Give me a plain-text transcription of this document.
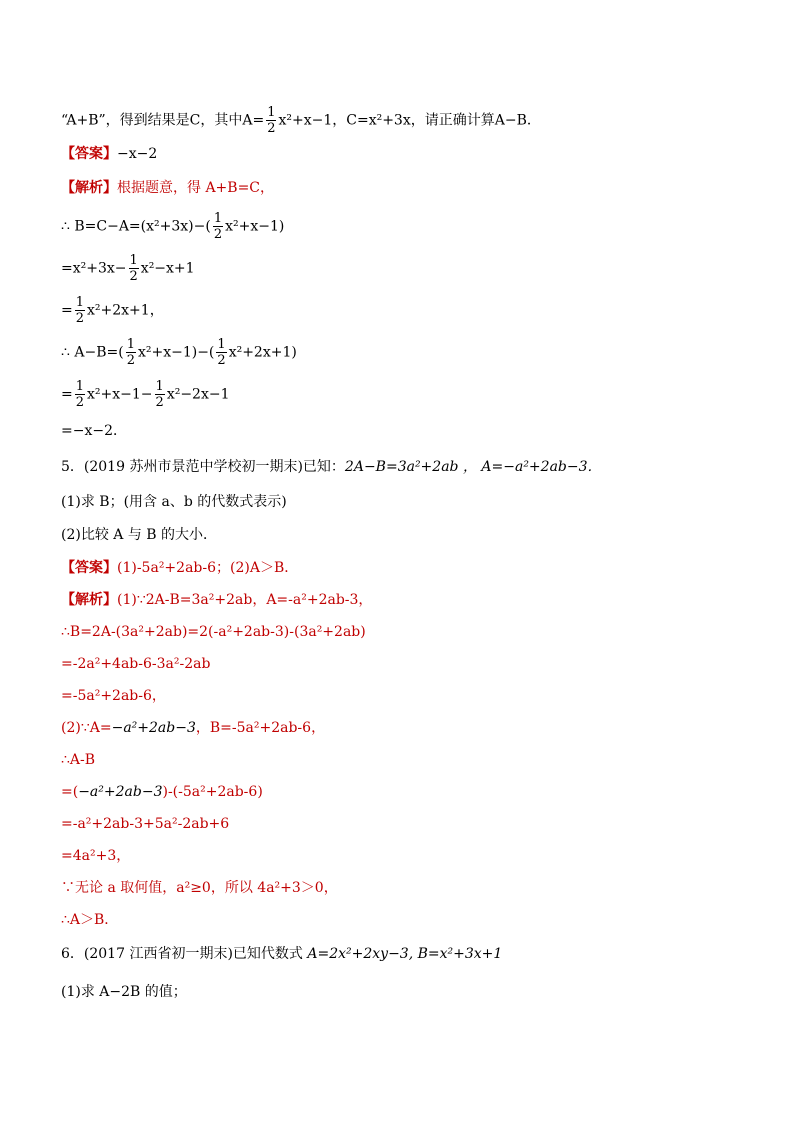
“A+B”，得到结果是C，其中$A= \frac{1}{2} x^2+x-1$，C=x²+3x，请正确计算A−B．
【答案】−x−2
【解析】根据题意，得 A+B=C，
∴ $B=C-A=(x^2+3x)-( \frac{1}{2} x^2+x-1)$
$=x^2+3x- \frac{1}{2} x^2-x+1$
= $\frac{1}{2} x^2+2x+1$，
∴ $A-B=( \frac{1}{2} x^2+x-1)-( \frac{1}{2} x^2+2x+1)$
= $\frac{1}{2} x^2+x-1- \frac{1}{2} x^2-2x-1$
=−x−2．
5．(2019 苏州市景范中学校初一期末)已知：2A−B=3a²+2ab ， A=−a²+2ab−3．
(1)求 B；(用含 a、b 的代数式表示)
(2)比较 A 与 B 的大小．
【答案】(1)-5a²+2ab-6；(2)A＞B．
【解析】(1)∵2A-B=3a²+2ab，A=-a²+2ab-3，
∴B=2A-(3a²+2ab)=2(-a²+2ab-3)-(3a²+2ab)
=-2a²+4ab-6-3a²-2ab
=-5a²+2ab-6，
(2)∵A=−a²+2ab−3，B=-5a²+2ab-6，
∴A-B
=(−a²+2ab−3)-(-5a²+2ab-6)
=-a²+2ab-3+5a²-2ab+6
=4a²+3，
∵无论 a 取何值，a²≥0，所以 4a²+3＞0，
∴A＞B．
6．(2017 江西省初一期末)已知代数式 A=2x²+2xy−3, B=x²+3x+1
(1)求 A−2B 的值；
